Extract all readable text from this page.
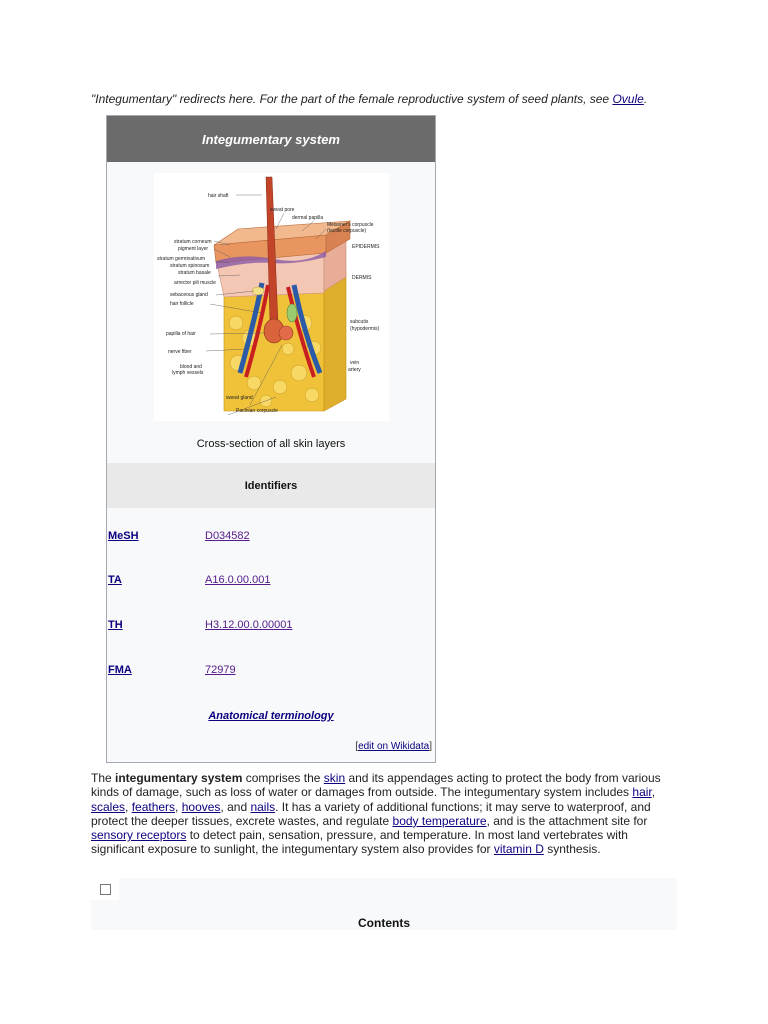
"Integumentary" redirects here. For the part of the female reproductive system of seed plants, see Ovule.
Integumentary system
hair shaft
sweat pore
dermal papilla
Meissner's corpuscle
(tactile corpuscle)
EPIDERMIS
DERMIS
subcutis
(hypodermis)
vein
artery
stratum corneum
pigment layer
stratum germinativum
stratum spinosum
stratum basale
arrector pili muscle
sebaceous gland
hair follicle
papilla of hair
nerve fiber
blood and
lymph vessels
sweat gland
Pacinian corpuscle
Cross-section of all skin layers
Identifiers
MeSH	D034582
TA	A16.0.00.001
TH	H3.12.00.0.00001
FMA	72979
Anatomical terminology
[edit on Wikidata]
The integumentary system comprises the skin and its appendages acting to protect the body from various kinds of damage, such as loss of water or damages from outside. The integumentary system includes hair, scales, feathers, hooves, and nails. It has a variety of additional functions; it may serve to waterproof, and protect the deeper tissues, excrete wastes, and regulate body temperature, and is the attachment site for sensory receptors to detect pain, sensation, pressure, and temperature. In most land vertebrates with significant exposure to sunlight, the integumentary system also provides for vitamin D synthesis.
Contents
